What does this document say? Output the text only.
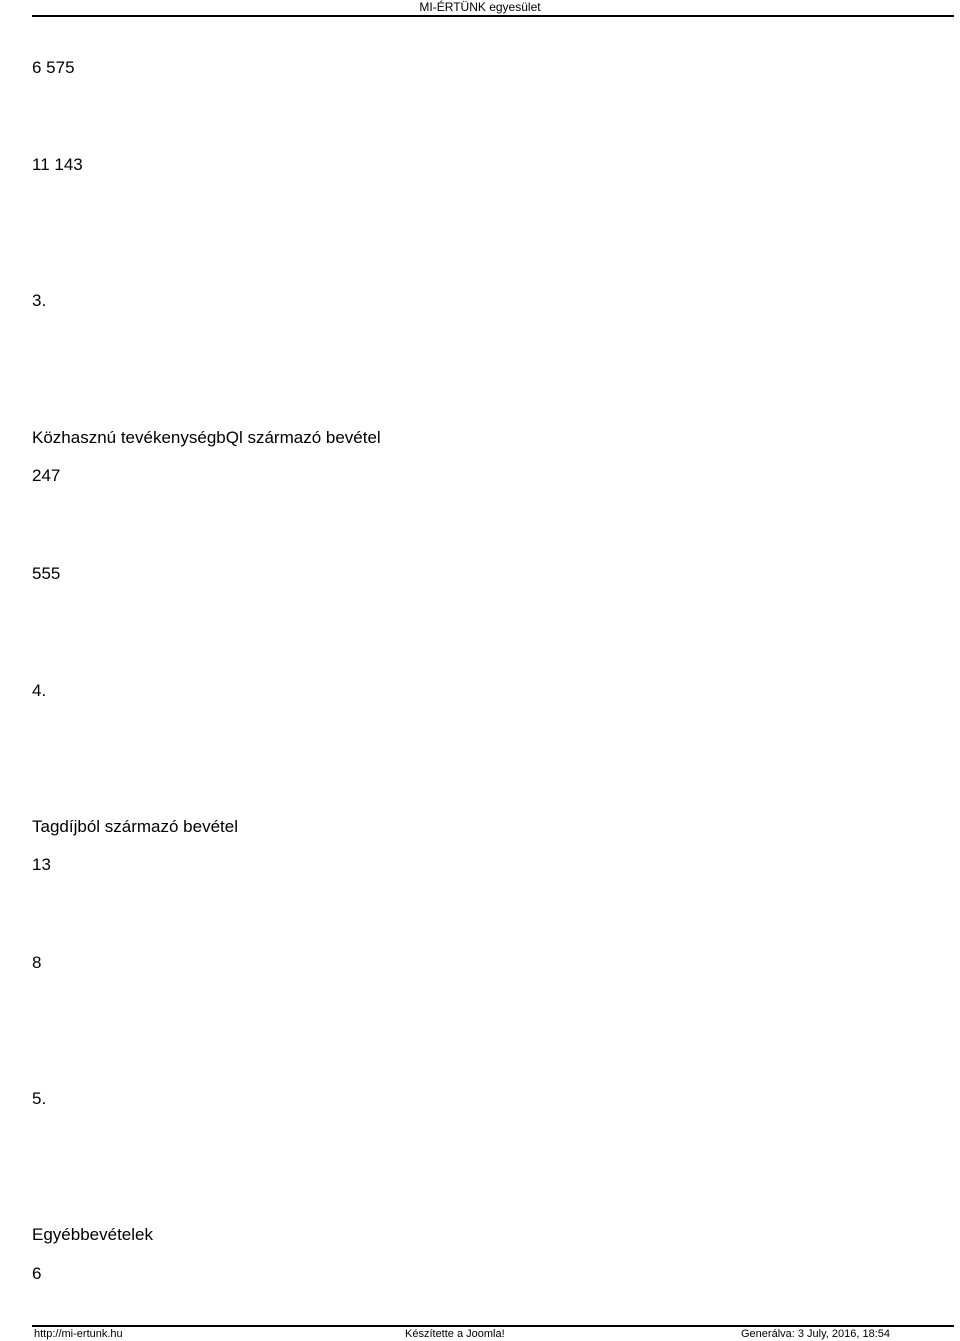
MI-ÉRTÜNK egyesület
6 575
11 143
3.
Közhasznú tevékenységbQl származó bevétel
247
555
4.
Tagdíjból származó bevétel
13
8
5.
Egyébbevételek
6
http://mi-ertunk.hu	Készítette a Joomla!	Generálva: 3 July, 2016, 18:54
